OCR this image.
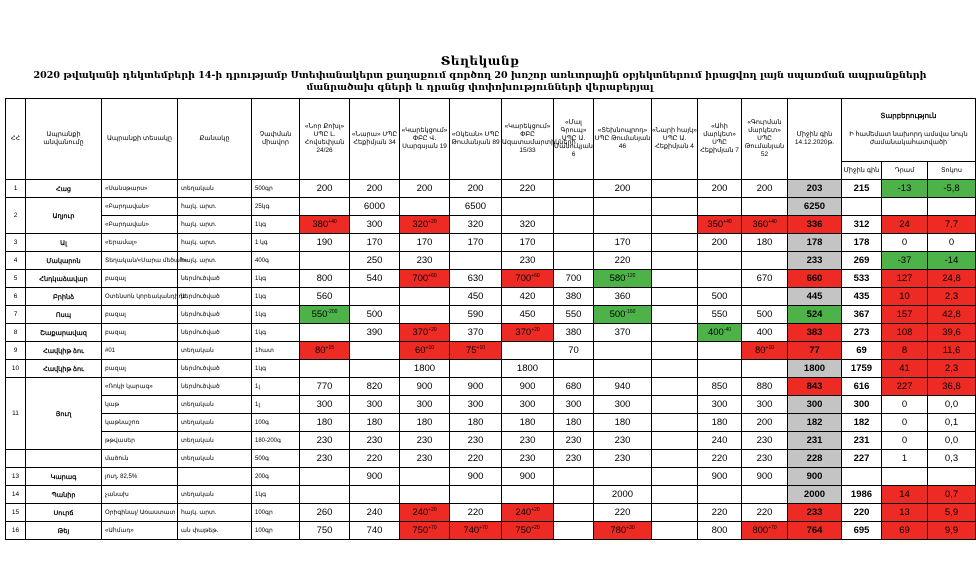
Տեղեկանք
2020 թվականի դեկտեմբերի 14-ի դրությամբ Ստեփանակերտ քաղաքում գործող 20 խոշոր առևտրային օբյեկտներում իրացվող լայն սպառման ապրանքների մանրածախ գների և դրանց փոփոխությունների վերաբերյալ
ՀՀ	Ապրանքի անվանումը	Ապրանքի տեսակը	Քանակը	Չափման միավոր	«Նոր Քոխլ» ՍՊԸ Լ. Հովսեփյան 24/26	«Նարա» ՍՊԸ Հեքիմյան 34	«Կարեկցում» ՓԲԸ Վ. Սարգսյան 19	«Օկեան» ՍՊԸ Թումանյան 89	«Կարեկցում» ՓԲԸ Ազատամարտիկների 15/33	«Մալ Գրուպ» ՍՊԸ Ա. Մանուկյան 6	«Տեխնոպրոդ» ՍՊԸ Թումանյան 46	«Նարի հայկ» ՍՊԸ Ա. Հեքիմյան 4	«Ահի մարկետ» ՍՊԸ Հեքիմյան 7	«Գուրման մարկետ» ՍՊԸ Թումանյան 52	Միջին գին 14.12.2020թ.	Տարբերություն
Ի համեմատ նախորդ ամսվա նույն ժամանակահատվածի		

																Միջին գին	Դրամ	Տոկոս
1	Հաց	«Սանսթարս»	տեղական	500գր	200	200	200	200	220		200		200	200	203	215	-13	-5,8
2	Աղյուր	«Բարդավան»	հայկ. արտ.	25կգ		6000		6500							6250			
		«Բարդավան»	հայկ. արտ.	1կգ	$380^{+40}$	300	$320^{+20}$	320	320				$350^{+40}$	$360^{+40}$	336	312	24	7,7
3	Ալ	«Երամալ»	հայկ. արտ.	1 կգ	190	170	170	170	170		170		200	180	178	178	0	0
4	Մակարոն	Տեղական/«Սարա մեծահ»	հայկ. արտ.	400գ		250	230		230		220				233	269	-37	-14
5	Հնդկաձավար	բազալ	ներմուծված	1կգ	800	540	$700^{+60}$	630	$700^{+60}$	700	$580^{-120}$			670	660	533	127	24,8
6	Բրինձ	Օտենսոն կորեականդիդէ	ներմուծված	1կգ	560			450	420	380	360		500		445	435	10	2,3
7	Ոսպ	բազալ	ներմուծված	1կգ	$550^{-200}$	500		590	450	550	$500^{-160}$		550	500	524	367	157	42,8
8	Շաքարավազ	բազալ	ներմուծված	1կգ		390	$370^{+20}$	370	$370^{+20}$	380	370		$400^{-40}$	400	383	273	108	39,6
9	Հավկիթ ձու	#01	տեղական	1հատ	$80^{+15}$		$60^{+10}$	$75^{+10}$		70				$80^{+10}$	77	69	8	11,6
10	Հավկիթ ձու	բազալ	ներմուծված	1կգ			1800		1800						1800	1759	41	2,3
11	Յուղ	«Ռոկի կարագ»	ներմուծված	1լ	770	820	900	900	900	680	940		850	880	843	616	227	36,8
		կաթ	տեղական	1լ	300	300	300	300	300	300	300		300	300	300	300	0	0,0
		կաթնաշոռ	տեղական	100գ	180	180	180	180	180	180	180		180	200	182	182	0	0,1
		թթվասեր	տեղական	180-200գ	230	230	230	230	230	230	230		240	230	231	231	0	0,0
		մածուն	տեղական	500գ	230	220	230	220	230	230	230		220	230	228	227	1	0,3
13	Կարագ	յուղ. 82,5%		200գ		900		900	900				900	900	900			
14	Պանիր	չանախ	տեղական	1կգ							2000				2000	1986	14	0,7
15	Սուրճ	Օրիգինալ/ Առաստատ	հայկ. արտ.	100գր	260	240	$240^{+20}$	220	$240^{+20}$		220		220	220	233	220	13	5,9
16	Թեյ	«Ահմադ»	ան փաթեթ.	100գր	750	740	$750^{+70}$	$740^{+70}$	$750^{+20}$		$780^{+30}$		800	$800^{+70}$	764	695	69	9,9
